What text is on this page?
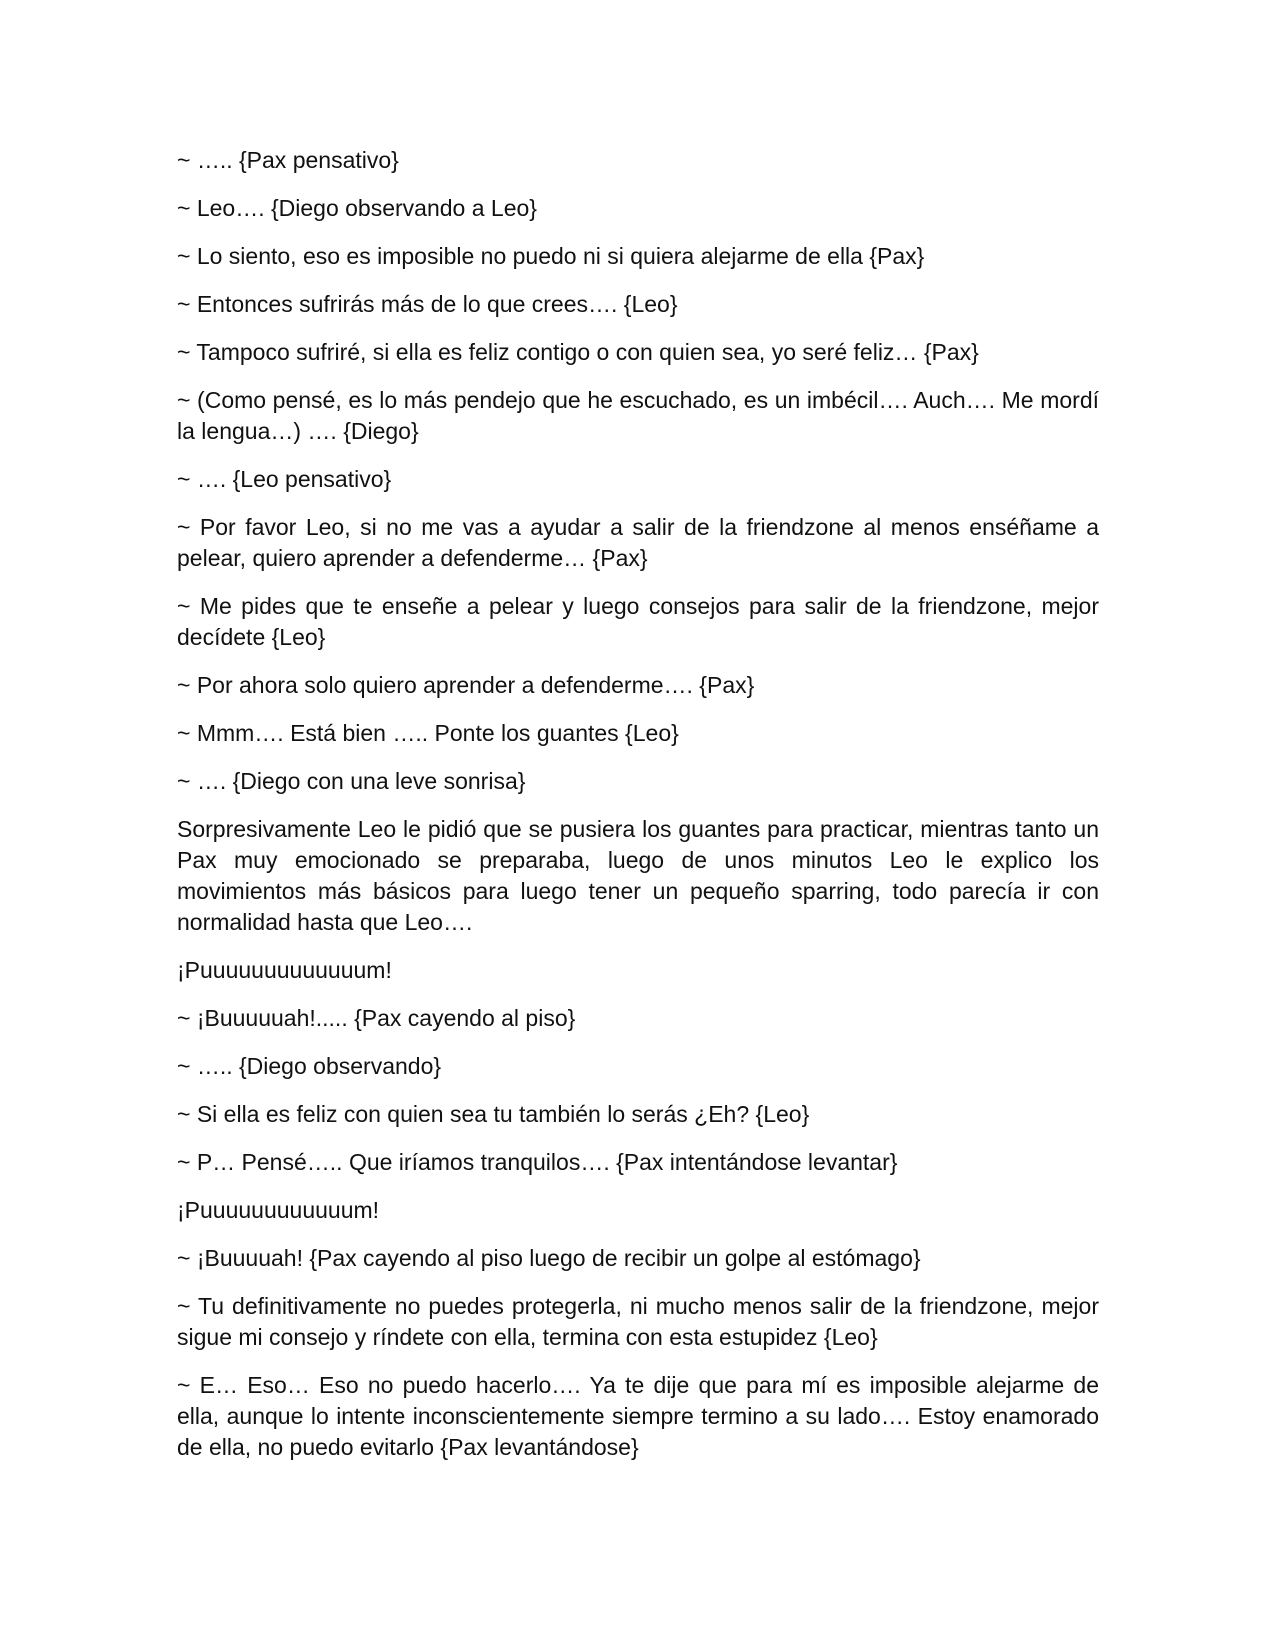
~ ….. {Pax pensativo}

~ Leo…. {Diego observando a Leo}

~ Lo siento, eso es imposible no puedo ni si quiera alejarme de ella {Pax}

~ Entonces sufrirás más de lo que crees…. {Leo}

~ Tampoco sufriré, si ella es feliz contigo o con quien sea, yo seré feliz… {Pax}

~ (Como pensé, es lo más pendejo que he escuchado, es un imbécil…. Auch…. Me mordí la lengua…) …. {Diego}

~ …. {Leo pensativo}

~ Por favor Leo, si no me vas a ayudar a salir de la friendzone al menos enséñame a pelear, quiero aprender a defenderme… {Pax}

~ Me pides que te enseñe a pelear y luego consejos para salir de la friendzone, mejor decídete {Leo}

~ Por ahora solo quiero aprender a defenderme…. {Pax}

~ Mmm…. Está bien ….. Ponte los guantes {Leo}

~ …. {Diego con una leve sonrisa}

Sorpresivamente Leo le pidió que se pusiera los guantes para practicar, mientras tanto un Pax muy emocionado se preparaba, luego de unos minutos Leo le explico los movimientos más básicos para luego tener un pequeño sparring, todo parecía ir con normalidad hasta que Leo….

¡Puuuuuuuuuuuuum!

~ ¡Buuuuuah!..... {Pax cayendo al piso}

~ ….. {Diego observando}

~ Si ella es feliz con quien sea tu también lo serás ¿Eh? {Leo}

~ P… Pensé….. Que iríamos tranquilos…. {Pax intentándose levantar}

¡Puuuuuuuuuuuum!

~ ¡Buuuuah! {Pax cayendo al piso luego de recibir un golpe al estómago}

~ Tu definitivamente no puedes protegerla, ni mucho menos salir de la friendzone, mejor sigue mi consejo y ríndete con ella, termina con esta estupidez {Leo}

~ E… Eso… Eso no puedo hacerlo…. Ya te dije que para mí es imposible alejarme de ella, aunque lo intente inconscientemente siempre termino a su lado…. Estoy enamorado de ella, no puedo evitarlo {Pax levantándose}
